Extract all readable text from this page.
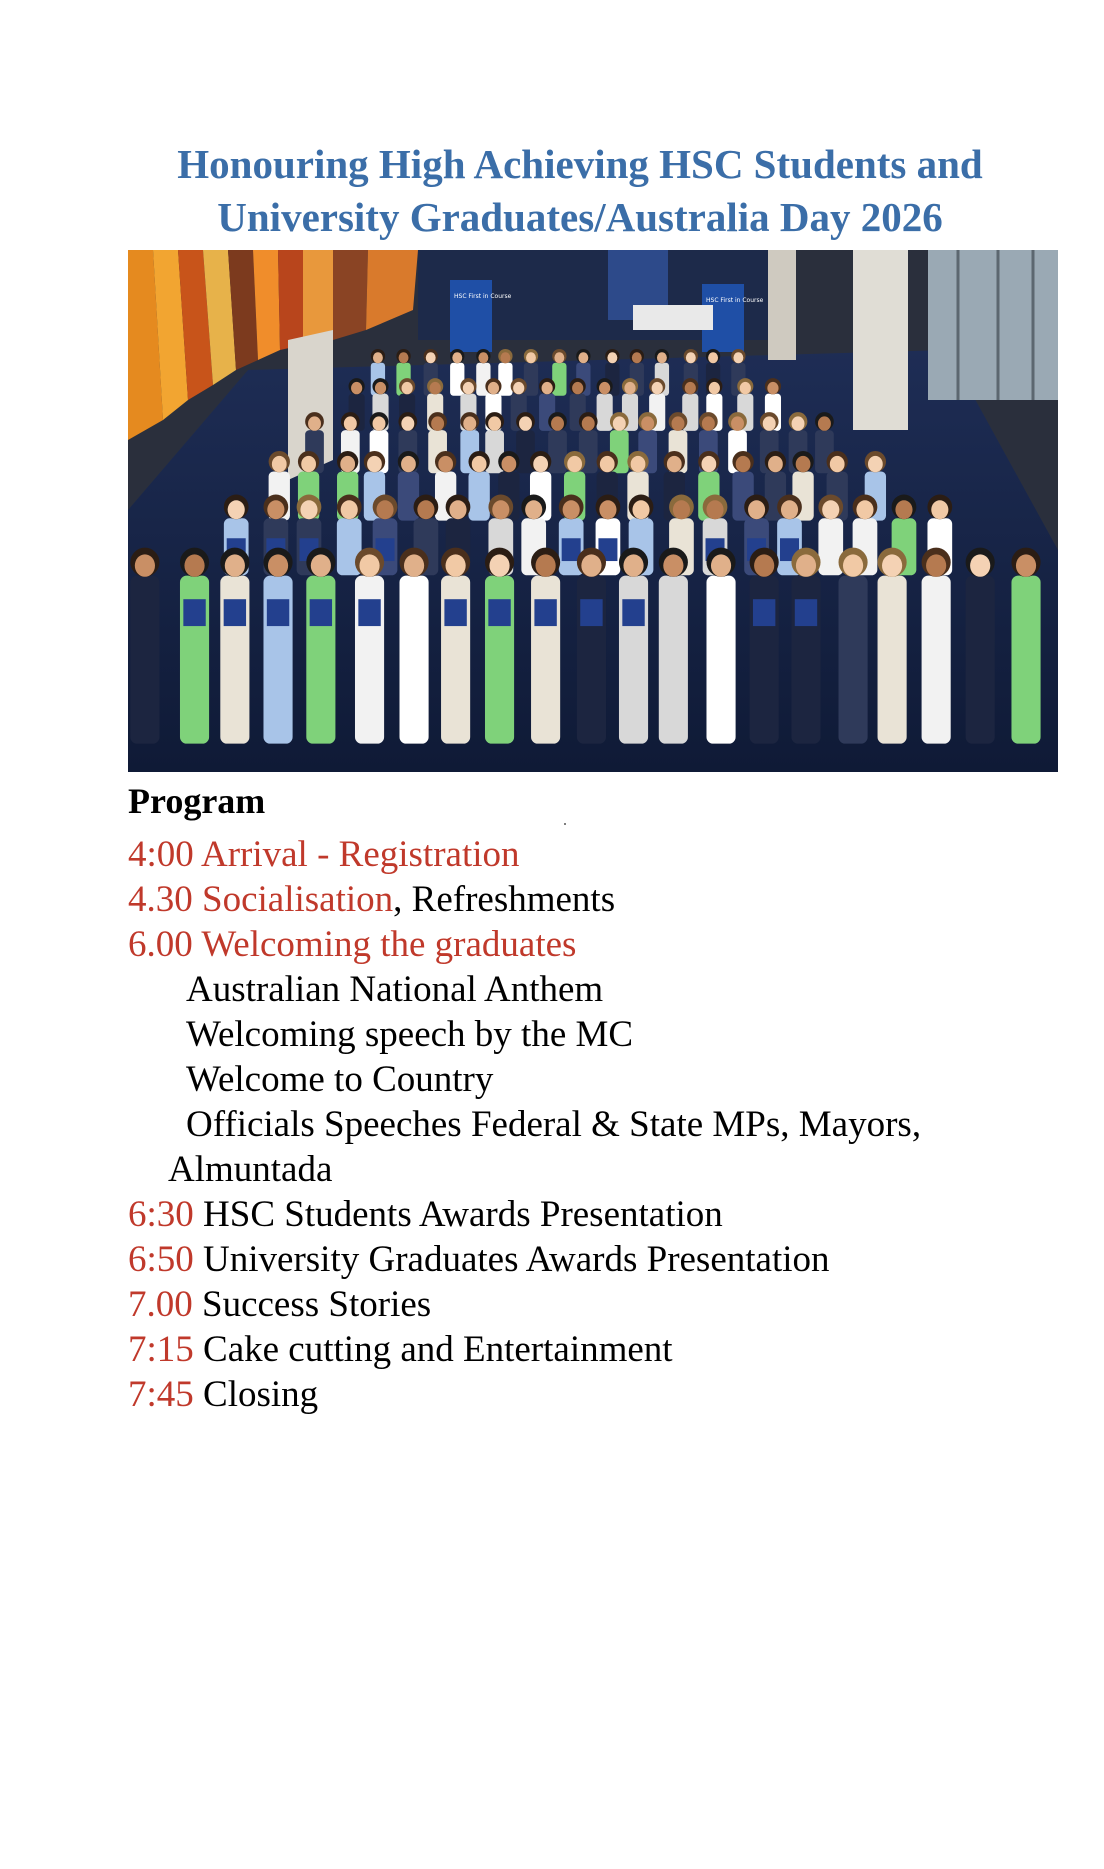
Honouring High Achieving HSC Students and
University Graduates/Australia Day 2026
HSC First in Course
HSC First in Course
Program
4:00 Arrival - Registration
4.30 Socialisation, Refreshments
6.00 Welcoming the graduates
Australian National Anthem
Welcoming speech by the MC
Welcome to Country
Officials Speeches Federal & State MPs, Mayors,
Almuntada
6:30 HSC Students Awards Presentation
6:50 University Graduates Awards Presentation
7.00 Success Stories
7:15 Cake cutting and Entertainment
7:45 Closing
